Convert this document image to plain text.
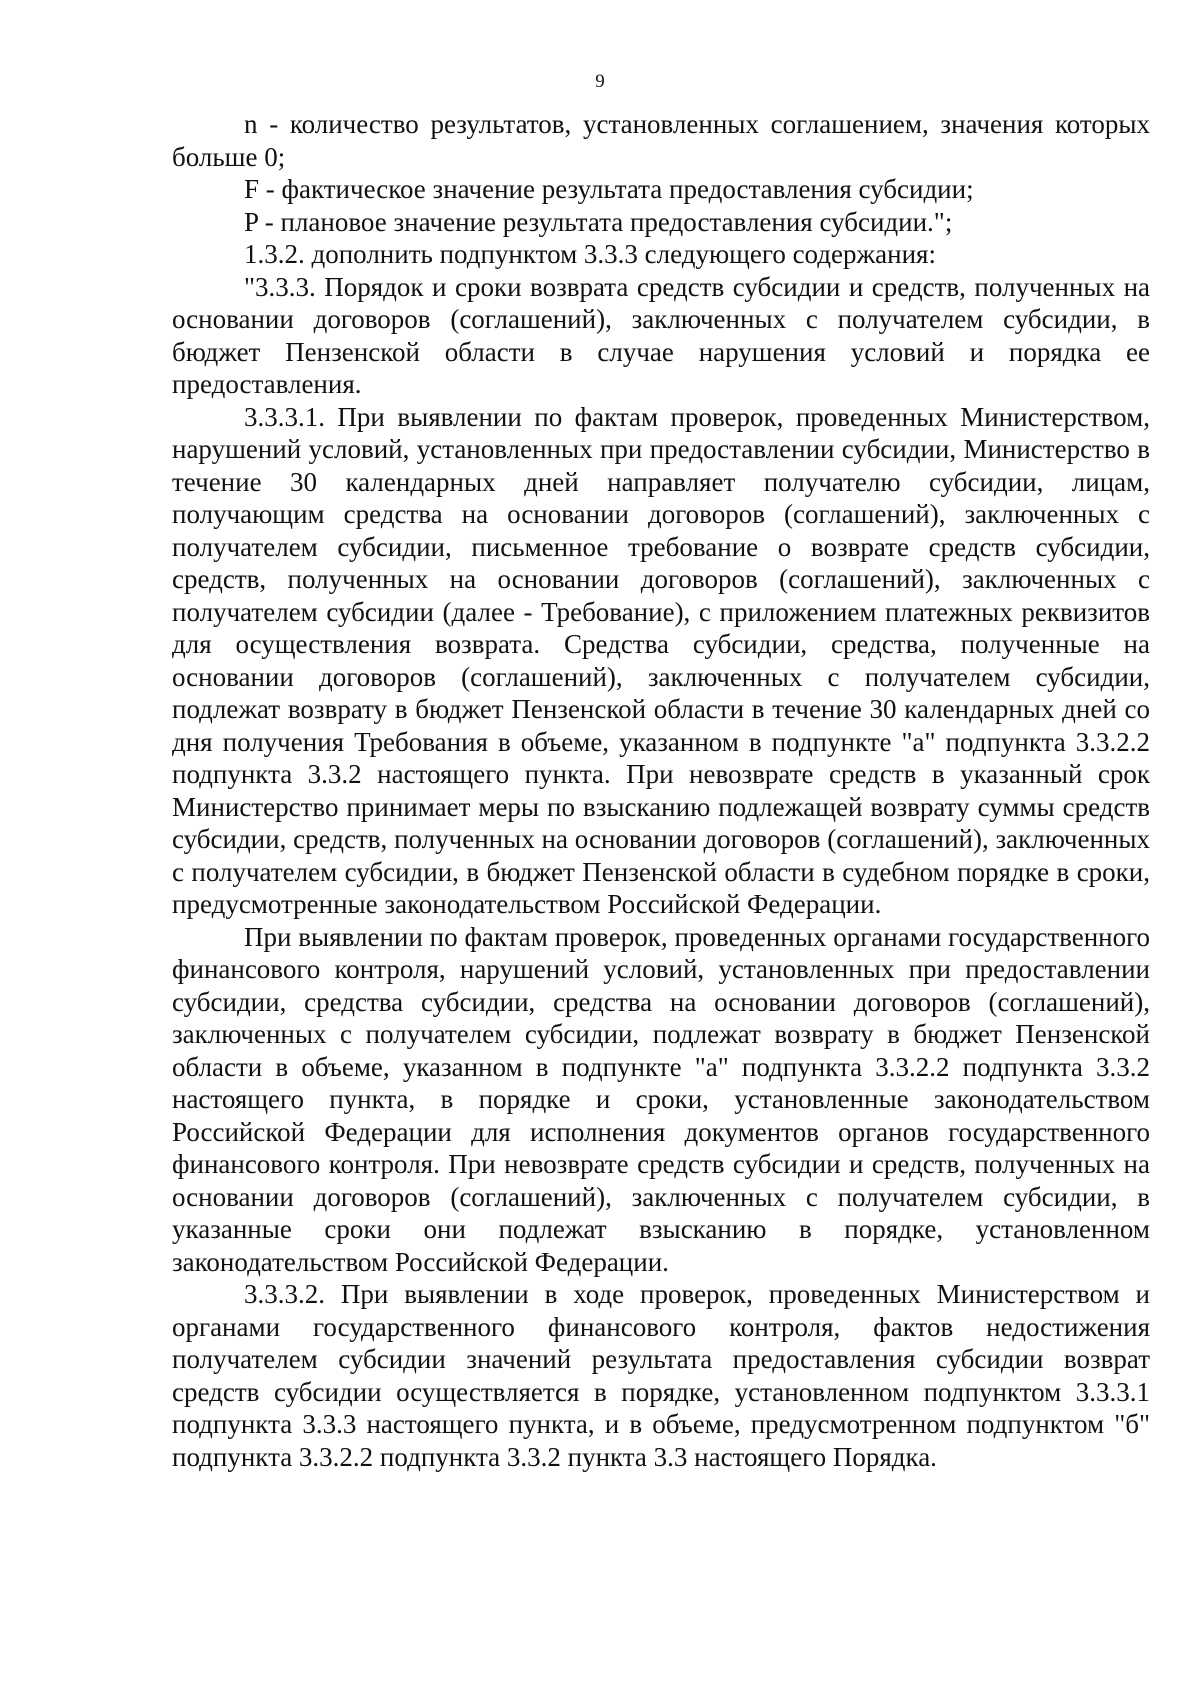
9

n - количество результатов, установленных соглашением, значения которых больше 0;

F - фактическое значение результата предоставления субсидии;

P - плановое значение результата предоставления субсидии.";

1.3.2. дополнить подпунктом 3.3.3 следующего содержания:

"3.3.3. Порядок и сроки возврата средств субсидии и средств, полученных на основании договоров (соглашений), заключенных с получателем субсидии, в бюджет Пензенской области в случае нарушения условий и порядка ее предоставления.

3.3.3.1. При выявлении по фактам проверок, проведенных Министерством, нарушений условий, установленных при предоставлении субсидии, Министерство в течение 30 календарных дней направляет получателю субсидии, лицам, получающим средства на основании договоров (соглашений), заключенных с получателем субсидии, письменное требование о возврате средств субсидии, средств, полученных на основании договоров (соглашений), заключенных с получателем субсидии (далее - Требование), с приложением платежных реквизитов для осуществления возврата. Средства субсидии, средства, полученные на основании договоров (соглашений), заключенных с получателем субсидии, подлежат возврату в бюджет Пензенской области в течение 30 календарных дней со дня получения Требования в объеме, указанном в подпункте "а" подпункта 3.3.2.2 подпункта 3.3.2 настоящего пункта. При невозврате средств в указанный срок Министерство принимает меры по взысканию подлежащей возврату суммы средств субсидии, средств, полученных на основании договоров (соглашений), заключенных с получателем субсидии, в бюджет Пензенской области в судебном порядке в сроки, предусмотренные законодательством Российской Федерации.

При выявлении по фактам проверок, проведенных органами государственного финансового контроля, нарушений условий, установленных при предоставлении субсидии, средства субсидии, средства на основании договоров (соглашений), заключенных с получателем субсидии, подлежат возврату в бюджет Пензенской области в объеме, указанном в подпункте "а" подпункта 3.3.2.2 подпункта 3.3.2 настоящего пункта, в порядке и сроки, установленные законодательством Российской Федерации для исполнения документов органов государственного финансового контроля. При невозврате средств субсидии и средств, полученных на основании договоров (соглашений), заключенных с получателем субсидии, в указанные сроки они подлежат взысканию в порядке, установленном законодательством Российской Федерации.

3.3.3.2. При выявлении в ходе проверок, проведенных Министерством и органами государственного финансового контроля, фактов недостижения получателем субсидии значений результата предоставления субсидии возврат средств субсидии осуществляется в порядке, установленном подпунктом 3.3.3.1 подпункта 3.3.3 настоящего пункта, и в объеме, предусмотренном подпунктом "б" подпункта 3.3.2.2 подпункта 3.3.2 пункта 3.3 настоящего Порядка.
